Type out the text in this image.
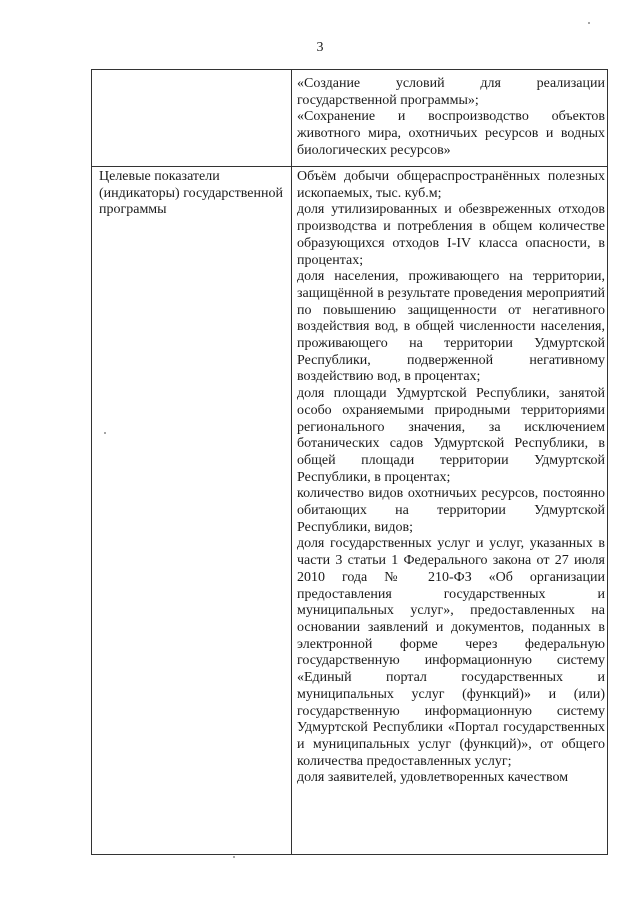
3

«Создание условий для реализации государственной программы»;

«Сохранение и воспроизводство объектов животного мира, охотничьих ресурсов и водных биологических ресурсов»

Целевые показатели (индикаторы) государственной программы

Объём добычи общераспространённых полезных ископаемых, тыс. куб.м;

доля утилизированных и обезвреженных отходов производства и потребления в общем количестве образующихся отходов I-IV класса опасности, в процентах;

доля населения, проживающего на территории, защищённой в результате проведения мероприятий по повышению защищенности от негативного воздействия вод, в общей численности населения, проживающего на территории Удмуртской Республики, подверженной негативному воздействию вод, в процентах;

доля площади Удмуртской Республики, занятой особо охраняемыми природными территориями регионального значения, за исключением ботанических садов Удмуртской Республики, в общей площади территории Удмуртской Республики, в процентах;

количество видов охотничьих ресурсов, постоянно обитающих на территории Удмуртской Республики, видов;

доля государственных услуг и услуг, указанных в части 3 статьи 1 Федерального закона от 27 июля 2010 года № 210-ФЗ «Об организации предоставления государственных и муниципальных услуг», предоставленных на основании заявлений и документов, поданных в электронной форме через федеральную государственную информационную систему «Единый портал государственных и муниципальных услуг (функций)» и (или) государственную информационную систему Удмуртской Республики «Портал государственных и муниципальных услуг (функций)», от общего количества предоставленных услуг;

доля заявителей, удовлетворенных качеством
